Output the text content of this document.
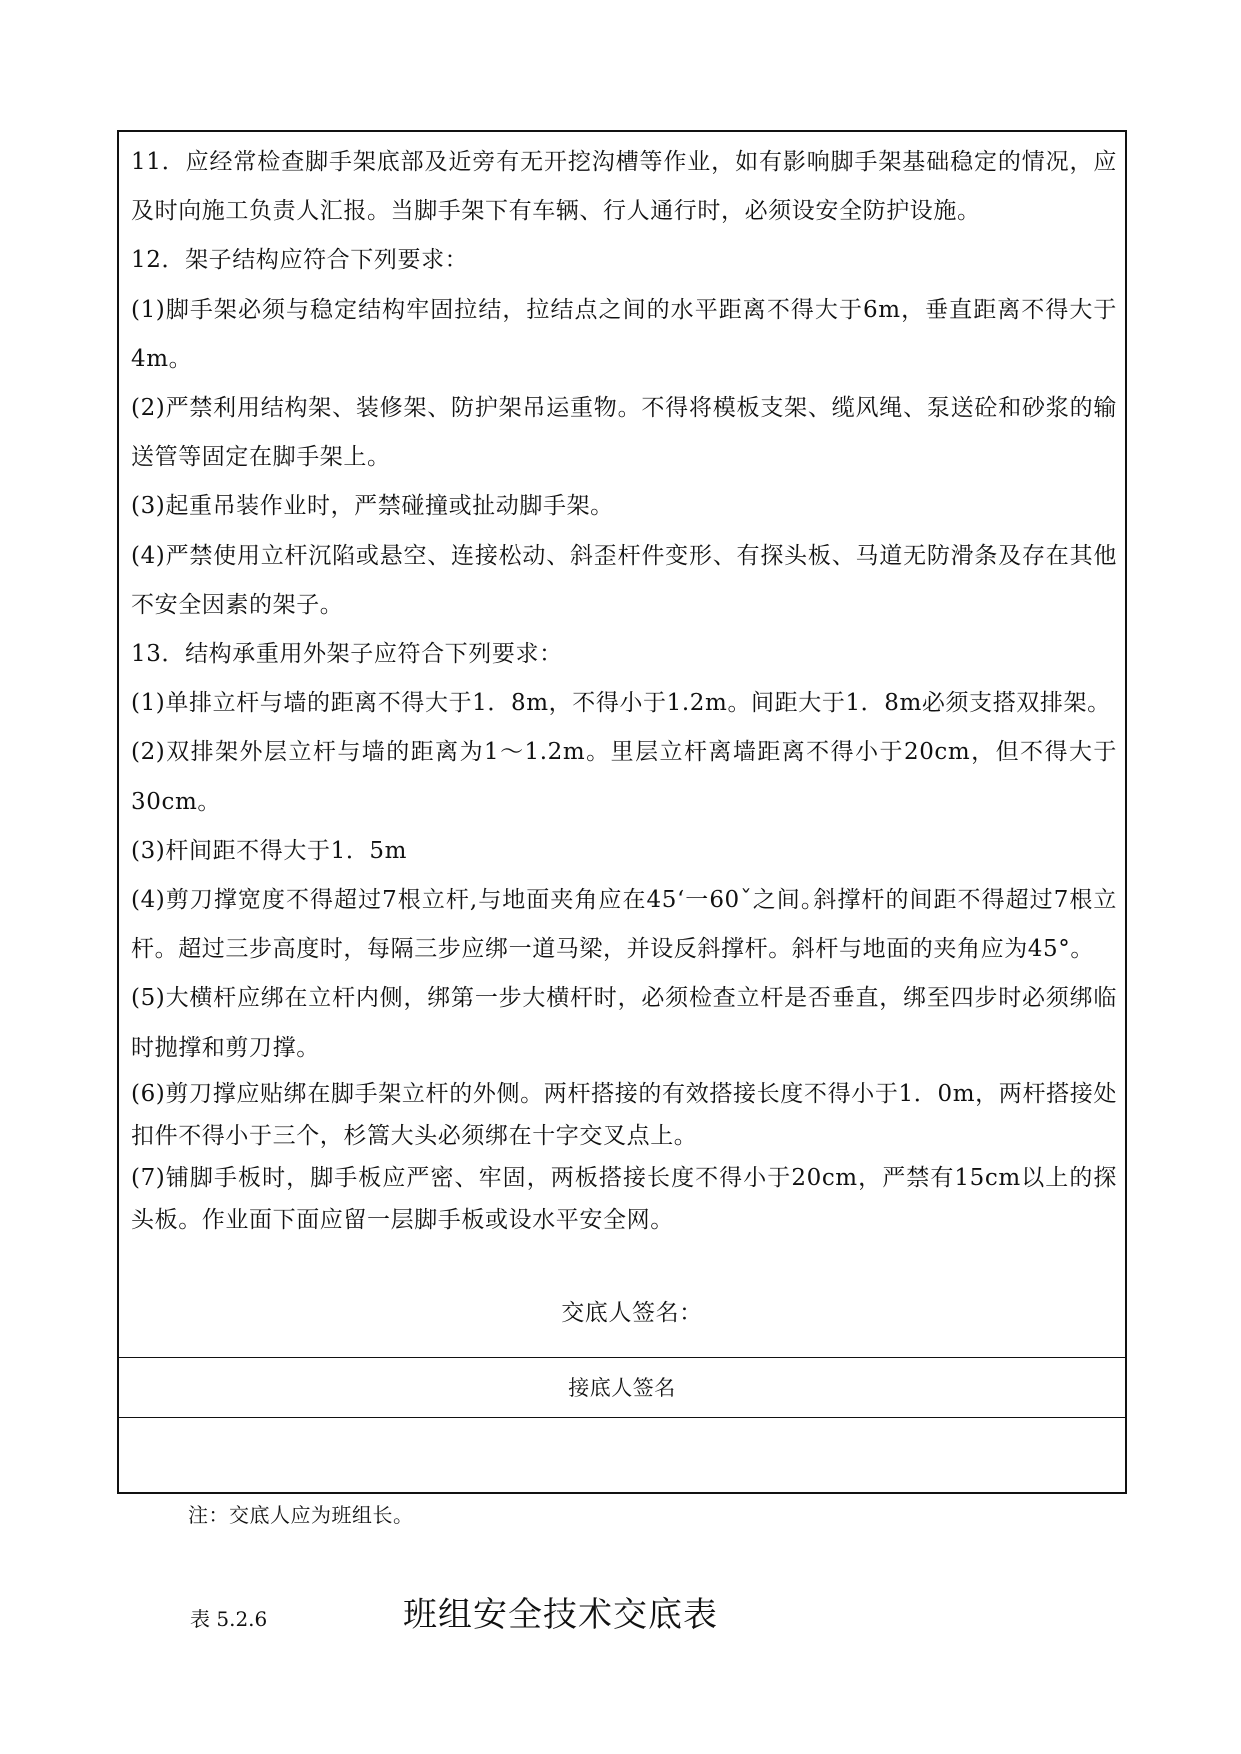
11．应经常检查脚手架底部及近旁有无开挖沟槽等作业，如有影响脚手架基础稳定的情况，应及时向施工负责人汇报。当脚手架下有车辆、行人通行时，必须设安全防护设施。

12．架子结构应符合下列要求：

(1)脚手架必须与稳定结构牢固拉结，拉结点之间的水平距离不得大于6m，垂直距离不得大于4m。

(2)严禁利用结构架、装修架、防护架吊运重物。不得将模板支架、缆风绳、泵送砼和砂浆的输送管等固定在脚手架上。

(3)起重吊装作业时，严禁碰撞或扯动脚手架。

(4)严禁使用立杆沉陷或悬空、连接松动、斜歪杆件变形、有探头板、马道无防滑条及存在其他不安全因素的架子。

13．结构承重用外架子应符合下列要求：

(1)单排立杆与墙的距离不得大于1．8m，不得小于1.2m。间距大于1．8m必须支搭双排架。

(2)双排架外层立杆与墙的距离为1～1.2m。里层立杆离墙距离不得小于20cm，但不得大于30cm。

(3)杆间距不得大于1．5m

(4)剪刀撑宽度不得超过7根立杆,与地面夹角应在45‘一60ˇ之间｡斜撑杆的间距不得超过7根立杆。超过三步高度时，每隔三步应绑一道马梁，并设反斜撑杆。斜杆与地面的夹角应为45°。

(5)大横杆应绑在立杆内侧，绑第一步大横杆时，必须检查立杆是否垂直，绑至四步时必须绑临时抛撑和剪刀撑。

(6)剪刀撑应贴绑在脚手架立杆的外侧。两杆搭接的有效搭接长度不得小于1．0m，两杆搭接处扣件不得小于三个，杉篙大头必须绑在十字交叉点上。

(7)铺脚手板时，脚手板应严密、牢固，两板搭接长度不得小于20cm，严禁有15cm以上的探头板。作业面下面应留一层脚手板或设水平安全网。

交底人签名：
接底人签名
注：交底人应为班组长。
表 5.2.6	班组安全技术交底表
